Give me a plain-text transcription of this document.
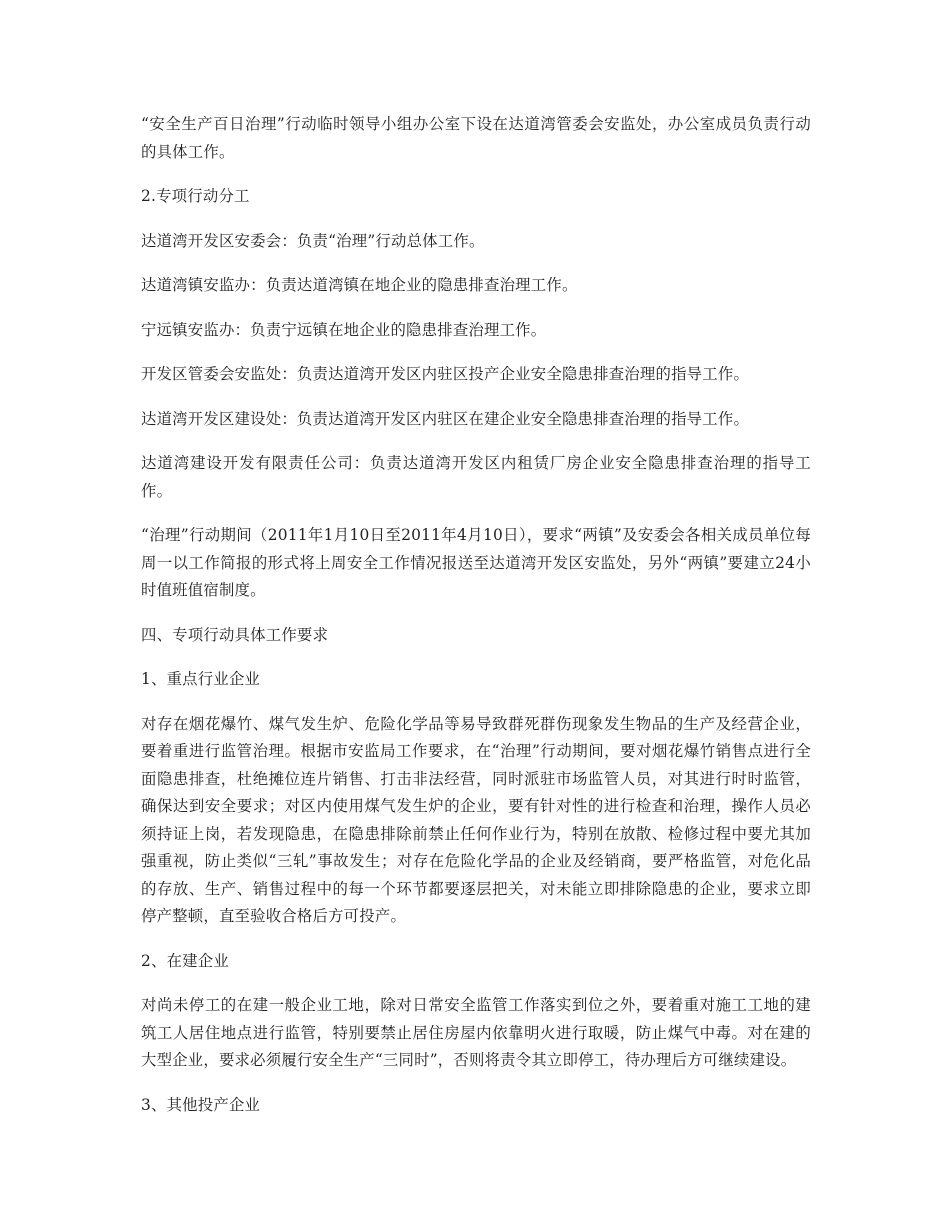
“安全生产百日治理”行动临时领导小组办公室下设在达道湾管委会安监处，办公室成员负责行动的具体工作。

2.专项行动分工

达道湾开发区安委会：负责“治理”行动总体工作。

达道湾镇安监办：负责达道湾镇在地企业的隐患排查治理工作。

宁远镇安监办：负责宁远镇在地企业的隐患排查治理工作。

开发区管委会安监处：负责达道湾开发区内驻区投产企业安全隐患排查治理的指导工作。

达道湾开发区建设处：负责达道湾开发区内驻区在建企业安全隐患排查治理的指导工作。

达道湾建设开发有限责任公司：负责达道湾开发区内租赁厂房企业安全隐患排查治理的指导工作。

“治理”行动期间（2011年1月10日至2011年4月10日），要求“两镇”及安委会各相关成员单位每周一以工作简报的形式将上周安全工作情况报送至达道湾开发区安监处，另外“两镇”要建立24小时值班值宿制度。

四、专项行动具体工作要求

1、重点行业企业

对存在烟花爆竹、煤气发生炉、危险化学品等易导致群死群伤现象发生物品的生产及经营企业，要着重进行监管治理。根据市安监局工作要求，在“治理”行动期间，要对烟花爆竹销售点进行全面隐患排查，杜绝摊位连片销售、打击非法经营，同时派驻市场监管人员，对其进行时时监管，确保达到安全要求；对区内使用煤气发生炉的企业，要有针对性的进行检查和治理，操作人员必须持证上岗，若发现隐患，在隐患排除前禁止任何作业行为，特别在放散、检修过程中要尤其加强重视，防止类似“三轧”事故发生；对存在危险化学品的企业及经销商，要严格监管，对危化品的存放、生产、销售过程中的每一个环节都要逐层把关，对未能立即排除隐患的企业，要求立即停产整顿，直至验收合格后方可投产。

2、在建企业

对尚未停工的在建一般企业工地，除对日常安全监管工作落实到位之外，要着重对施工工地的建筑工人居住地点进行监管，特别要禁止居住房屋内依靠明火进行取暖，防止煤气中毒。对在建的大型企业，要求必须履行安全生产“三同时”，否则将责令其立即停工，待办理后方可继续建设。

3、其他投产企业
